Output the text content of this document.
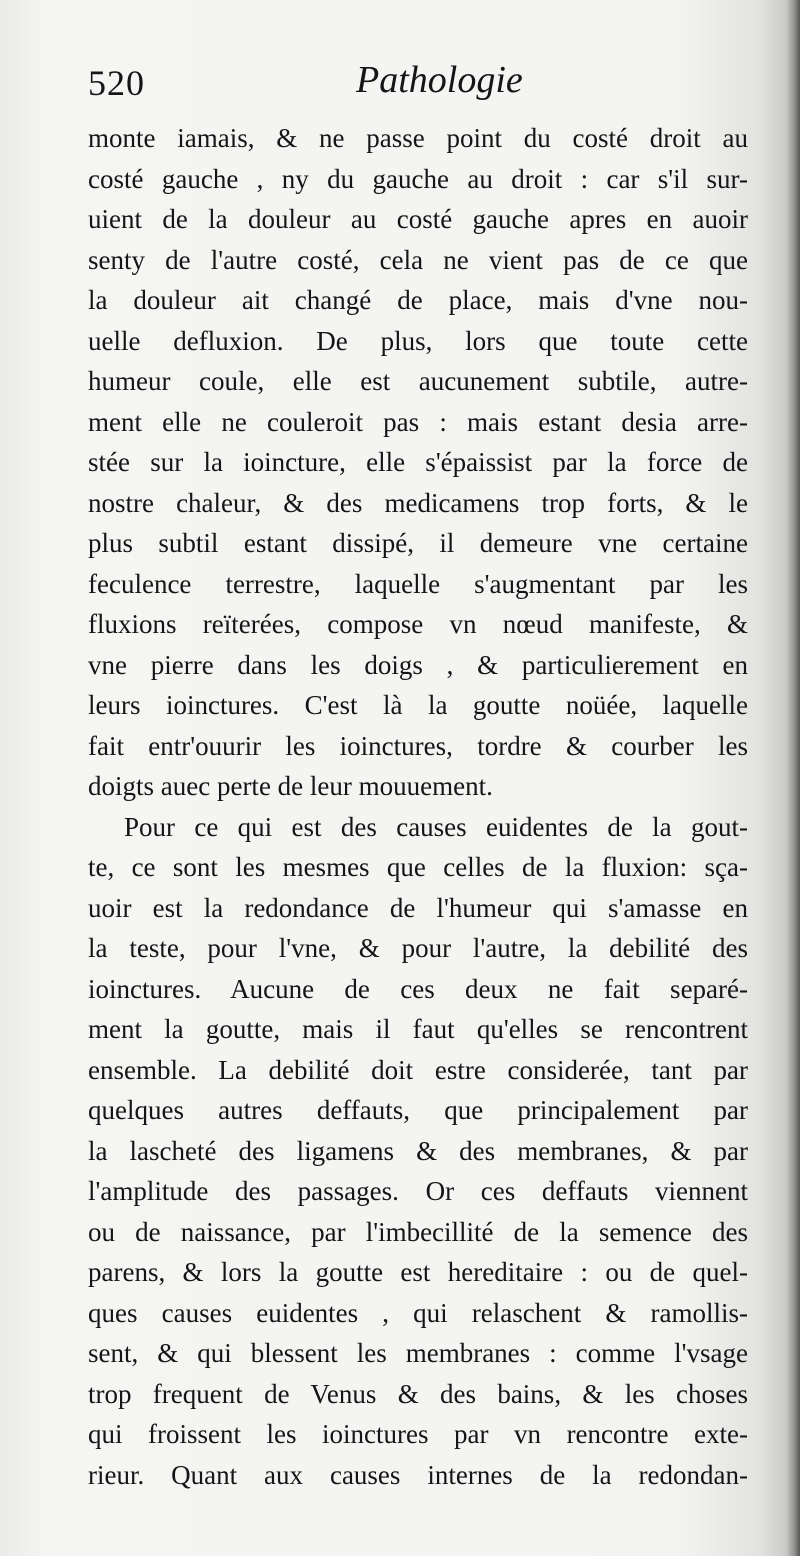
520	Pathologie
monte iamais, & ne passe point du costé droit au
costé gauche , ny du gauche au droit : car s'il sur-
uient de la douleur au costé gauche apres en auoir
senty de l'autre costé, cela ne vient pas de ce que
la douleur ait changé de place, mais d'vne nou-
uelle defluxion. De plus, lors que toute cette
humeur coule, elle est aucunement subtile, autre-
ment elle ne couleroit pas : mais estant desia arre-
stée sur la ioincture, elle s'épaissist par la force de
nostre chaleur, & des medicamens trop forts, & le
plus subtil estant dissipé, il demeure vne certaine
feculence terrestre, laquelle s'augmentant par les
fluxions reïterées, compose vn nœud manifeste, &
vne pierre dans les doigs , & particulierement en
leurs ioinctures. C'est là la goutte noüée, laquelle
fait entr'ouurir les ioinctures, tordre & courber les
doigts auec perte de leur mouuement.
Pour ce qui est des causes euidentes de la gout-
te, ce sont les mesmes que celles de la fluxion: sça-
uoir est la redondance de l'humeur qui s'amasse en
la teste, pour l'vne, & pour l'autre, la debilité des
ioinctures. Aucune de ces deux ne fait separé-
ment la goutte, mais il faut qu'elles se rencontrent
ensemble. La debilité doit estre considerée, tant par
quelques autres deffauts, que principalement par
la lascheté des ligamens & des membranes, & par
l'amplitude des passages. Or ces deffauts viennent
ou de naissance, par l'imbecillité de la semence des
parens, & lors la goutte est hereditaire : ou de quel-
ques causes euidentes , qui relaschent & ramollis-
sent, & qui blessent les membranes : comme l'vsage
trop frequent de Venus & des bains, & les choses
qui froissent les ioinctures par vn rencontre exte-
rieur. Quant aux causes internes de la redondan-
